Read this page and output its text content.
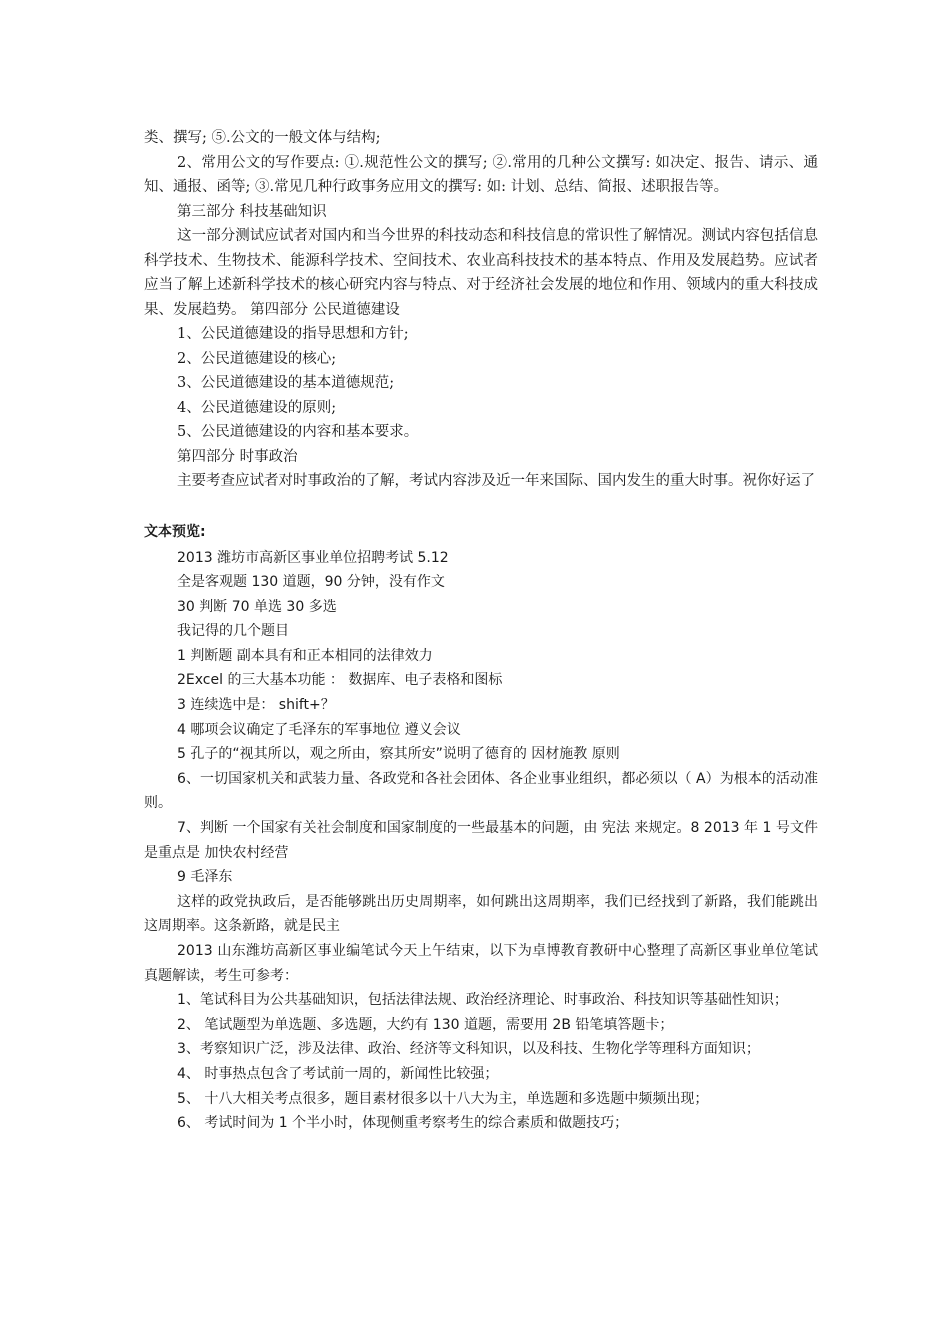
类、撰写; ⑤.公文的一般文体与结构;

2、常用公文的写作要点: ①.规范性公文的撰写; ②.常用的几种公文撰写: 如决定、报告、请示、通知、通报、函等; ③.常见几种行政事务应用文的撰写: 如: 计划、总结、简报、述职报告等。

第三部分 科技基础知识

这一部分测试应试者对国内和当今世界的科技动态和科技信息的常识性了解情况。测试内容包括信息科学技术、生物技术、能源科学技术、空间技术、农业高科技技术的基本特点、作用及发展趋势。应试者应当了解上述新科学技术的核心研究内容与特点、对于经济社会发展的地位和作用、领域内的重大科技成果、发展趋势。 第四部分 公民道德建设

1、公民道德建设的指导思想和方针;

2、公民道德建设的核心;

3、公民道德建设的基本道德规范;

4、公民道德建设的原则;

5、公民道德建设的内容和基本要求。

第四部分 时事政治

主要考查应试者对时事政治的了解，考试内容涉及近一年来国际、国内发生的重大时事。祝你好运了

文本预览:

2013 潍坊市高新区事业单位招聘考试 5.12

全是客观题 130 道题，90 分钟，没有作文

30 判断 70 单选 30 多选

我记得的几个题目

1 判断题 副本具有和正本相同的法律效力

2Excel 的三大基本功能 ： 数据库、电子表格和图标

3 连续选中是： shift+？

4 哪项会议确定了毛泽东的军事地位 遵义会议

5 孔子的“视其所以，观之所由，察其所安”说明了德育的 因材施教 原则

6、一切国家机关和武装力量、各政党和各社会团体、各企业事业组织，都必须以（ A）为根本的活动准则。

7、判断 一个国家有关社会制度和国家制度的一些最基本的问题，由 宪法 来规定。8 2013 年 1 号文件是重点是 加快农村经营

9 毛泽东

这样的政党执政后，是否能够跳出历史周期率，如何跳出这周期率，我们已经找到了新路，我们能跳出这周期率。这条新路，就是民主

2013 山东潍坊高新区事业编笔试今天上午结束，以下为卓博教育教研中心整理了高新区事业单位笔试真题解读，考生可参考：

1、笔试科目为公共基础知识，包括法律法规、政治经济理论、时事政治、科技知识等基础性知识；

2、 笔试题型为单选题、多选题，大约有 130 道题，需要用 2B 铅笔填答题卡；

3、考察知识广泛，涉及法律、政治、经济等文科知识，以及科技、生物化学等理科方面知识；

4、 时事热点包含了考试前一周的，新闻性比较强；

5、 十八大相关考点很多，题目素材很多以十八大为主，单选题和多选题中频频出现；

6、 考试时间为 1 个半小时，体现侧重考察考生的综合素质和做题技巧；
